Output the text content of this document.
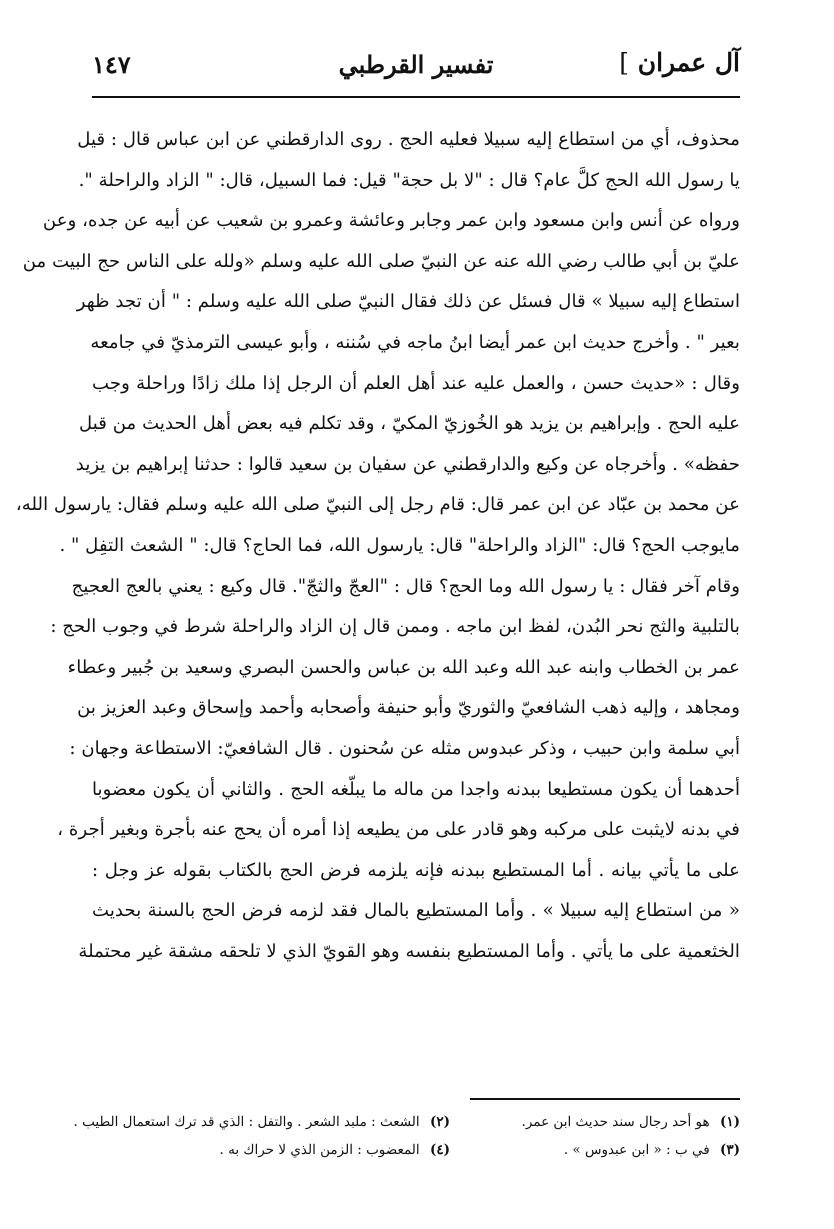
آل عمران ]
تفسير القرطبي
١٤٧
محذوف، أي من استطاع إليه سبيلا فعليه الحج . روى الدارقطني عن ابن عباس قال : قيل
يا رسول الله الحج كلَّ عام؟ قال : "لا بل حجة" قيل: فما السبيل، قال: " الزاد والراحلة ".
ورواه عن أنس وابن مسعود وابن عمر وجابر وعائشة وعمرو بن شعيب عن أبيه عن جده، وعن
عليّ بن أبي طالب رضي الله عنه عن النبيّ صلى الله عليه وسلم «ولله على الناس حج البيت من
استطاع إليه سبيلا » قال فسئل عن ذلك فقال النبيّ صلى الله عليه وسلم : " أن تجد ظهر
بعير " . وأخرج حديث ابن عمر أيضا ابنُ ماجه في سُننه ، وأبو عيسى الترمذيّ في جامعه
وقال : «حديث حسن ، والعمل عليه عند أهل العلم أن الرجل إذا ملك زادًا وراحلة وجب
عليه الحج . وإبراهيم بن يزيد هو الخُوزيّ المكيّ ، وقد تكلم فيه بعض أهل الحديث من قبل
حفظه» . وأخرجاه عن وكيع والدارقطني عن سفيان بن سعيد قالوا : حدثنا إبراهيم بن يزيد
عن محمد بن عبّاد عن ابن عمر قال: قام رجل إلى النبيّ صلى الله عليه وسلم فقال: يارسول الله،
مايوجب الحج؟ قال: "الزاد والراحلة" قال: يارسول الله، فما الحاج؟ قال: " الشعث التفِل " .
وقام آخر فقال : يا رسول الله وما الحج؟ قال : "العجّ والثجّ". قال وكيع : يعني بالعج العجيج
بالتلبية والثج نحر البُدن، لفظ ابن ماجه . وممن قال إن الزاد والراحلة شرط في وجوب الحج :
عمر بن الخطاب وابنه عبد الله وعبد الله بن عباس والحسن البصري وسعيد بن جُبير وعطاء
ومجاهد ، وإليه ذهب الشافعيّ والثوريّ وأبو حنيفة وأصحابه وأحمد وإسحاق وعبد العزيز بن
أبي سلمة وابن حبيب ، وذكر عبدوس مثله عن سُحنون . قال الشافعيّ: الاستطاعة وجهان :
أحدهما أن يكون مستطيعا ببدنه واجدا من ماله ما يبلّغه الحج . والثاني أن يكون معضوبا
في بدنه لايثبت على مركبه وهو قادر على من يطيعه إذا أمره أن يحج عنه بأجرة وبغير أجرة ،
على ما يأتي بيانه . أما المستطيع ببدنه فإنه يلزمه فرض الحج بالكتاب بقوله عز وجل :
« من استطاع إليه سبيلا » . وأما المستطيع بالمال فقد لزمه فرض الحج بالسنة بحديث
الخثعمية على ما يأتي . وأما المستطيع بنفسه وهو القويّ الذي لا تلحقه مشقة غير محتملة
(١) هو أحد رجال سند حديث ابن عمر.
(٢) الشعث : ملبد الشعر . والتفل : الذي قد ترك استعمال الطيب .
(٣) في ب : « ابن عبدوس » .
(٤) المعضوب : الزمن الذي لا حراك به .
